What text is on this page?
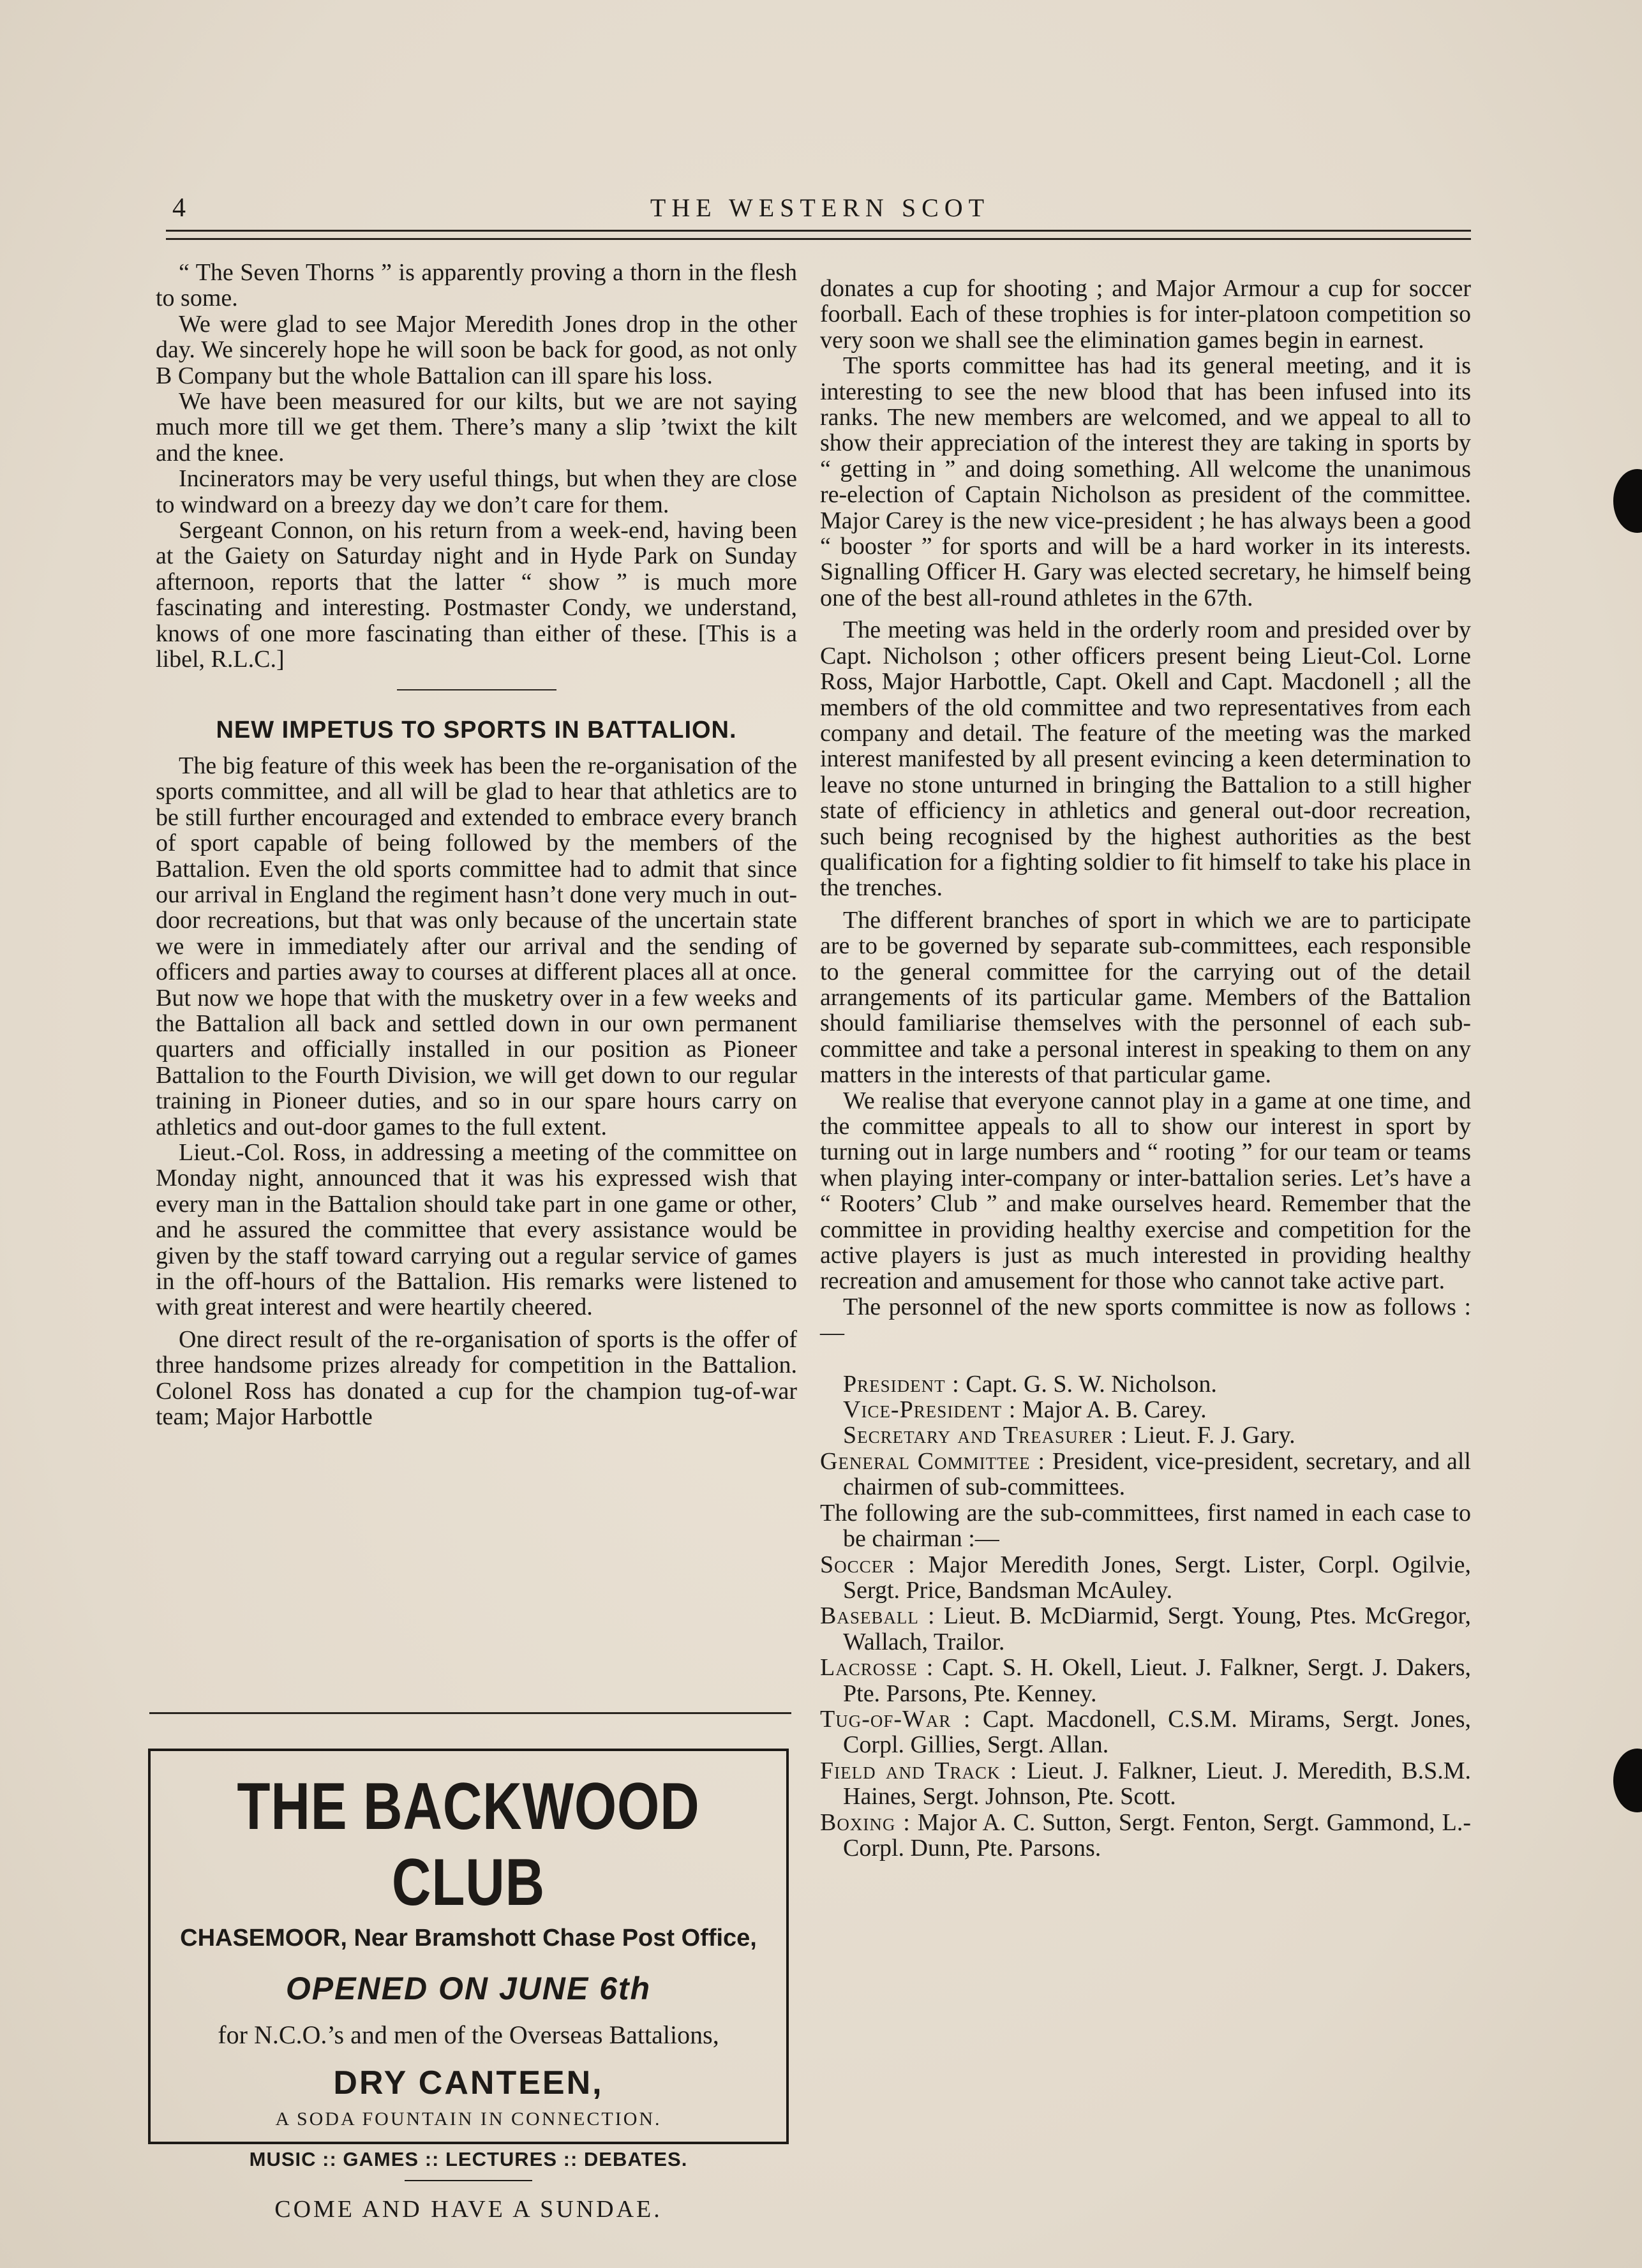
4	THE WESTERN SCOT

“ The Seven Thorns ” is apparently proving a thorn in the flesh to some.

We were glad to see Major Meredith Jones drop in the other day. We sincerely hope he will soon be back for good, as not only B Company but the whole Battalion can ill spare his loss.

We have been measured for our kilts, but we are not saying much more till we get them. There’s many a slip ’twixt the kilt and the knee.

Incinerators may be very useful things, but when they are close to windward on a breezy day we don’t care for them.

Sergeant Connon, on his return from a week-end, having been at the Gaiety on Saturday night and in Hyde Park on Sunday afternoon, reports that the latter “ show ” is much more fascinating and interesting. Postmaster Condy, we understand, knows of one more fascinating than either of these. [This is a libel, R.L.C.]

NEW IMPETUS TO SPORTS IN BATTALION.

The big feature of this week has been the re-organisation of the sports committee, and all will be glad to hear that athletics are to be still further encouraged and extended to embrace every branch of sport capable of being followed by the members of the Battalion. Even the old sports committee had to admit that since our arrival in England the regiment hasn’t done very much in out-door recreations, but that was only because of the uncertain state we were in immediately after our arrival and the sending of officers and parties away to courses at different places all at once. But now we hope that with the musketry over in a few weeks and the Battalion all back and settled down in our own permanent quarters and officially installed in our position as Pioneer Battalion to the Fourth Division, we will get down to our regular training in Pioneer duties, and so in our spare hours carry on athletics and out-door games to the full extent.

Lieut.-Col. Ross, in addressing a meeting of the committee on Monday night, announced that it was his expressed wish that every man in the Battalion should take part in one game or other, and he assured the committee that every assistance would be given by the staff toward carrying out a regular service of games in the off-hours of the Battalion. His remarks were listened to with great interest and were heartily cheered.

One direct result of the re-organisation of sports is the offer of three handsome prizes already for competition in the Battalion. Colonel Ross has donated a cup for the champion tug-of-war team; Major Harbottle

THE BACKWOOD CLUB
CHASEMOOR, Near Bramshott Chase Post Office,
OPENED ON JUNE 6th
for N.C.O.’s and men of the Overseas Battalions,
DRY CANTEEN,
A SODA FOUNTAIN IN CONNECTION.
MUSIC :: GAMES :: LECTURES :: DEBATES.
COME AND HAVE A SUNDAE.

donates a cup for shooting ; and Major Armour a cup for soccer foorball. Each of these trophies is for inter-platoon competition so very soon we shall see the elimination games begin in earnest.

The sports committee has had its general meeting, and it is interesting to see the new blood that has been infused into its ranks. The new members are welcomed, and we appeal to all to show their appreciation of the interest they are taking in sports by “ getting in ” and doing something. All welcome the unanimous re-election of Captain Nicholson as president of the committee. Major Carey is the new vice-president ; he has always been a good “ booster ” for sports and will be a hard worker in its interests. Signalling Officer H. Gary was elected secretary, he himself being one of the best all-round athletes in the 67th.

The meeting was held in the orderly room and presided over by Capt. Nicholson ; other officers present being Lieut-Col. Lorne Ross, Major Harbottle, Capt. Okell and Capt. Macdonell ; all the members of the old committee and two representatives from each company and detail. The feature of the meeting was the marked interest manifested by all present evincing a keen determination to leave no stone unturned in bringing the Battalion to a still higher state of efficiency in athletics and general out-door recreation, such being recognised by the highest authorities as the best qualification for a fighting soldier to fit himself to take his place in the trenches.

The different branches of sport in which we are to participate are to be governed by separate sub-committees, each responsible to the general committee for the carrying out of the detail arrangements of its particular game. Members of the Battalion should familiarise themselves with the personnel of each sub-committee and take a personal interest in speaking to them on any matters in the interests of that particular game.

We realise that everyone cannot play in a game at one time, and the committee appeals to all to show our interest in sport by turning out in large numbers and “ rooting ” for our team or teams when playing inter-company or inter-battalion series. Let’s have a “ Rooters’ Club ” and make ourselves heard. Remember that the committee in providing healthy exercise and competition for the active players is just as much interested in providing healthy recreation and amusement for those who cannot take active part.

The personnel of the new sports committee is now as follows :—

President : Capt. G. S. W. Nicholson.

Vice-President : Major A. B. Carey.

Secretary and Treasurer : Lieut. F. J. Gary.

General Committee : President, vice-president, secretary, and all chairmen of sub-committees.

The following are the sub-committees, first named in each case to be chairman :—

Soccer : Major Meredith Jones, Sergt. Lister, Corpl. Ogilvie, Sergt. Price, Bandsman McAuley.

Baseball : Lieut. B. McDiarmid, Sergt. Young, Ptes. McGregor, Wallach, Trailor.

Lacrosse : Capt. S. H. Okell, Lieut. J. Falkner, Sergt. J. Dakers, Pte. Parsons, Pte. Kenney.

Tug-of-War : Capt. Macdonell, C.S.M. Mirams, Sergt. Jones, Corpl. Gillies, Sergt. Allan.

Field and Track : Lieut. J. Falkner, Lieut. J. Meredith, B.S.M. Haines, Sergt. Johnson, Pte. Scott.

Boxing : Major A. C. Sutton, Sergt. Fenton, Sergt. Gammond, L.-Corpl. Dunn, Pte. Parsons.
